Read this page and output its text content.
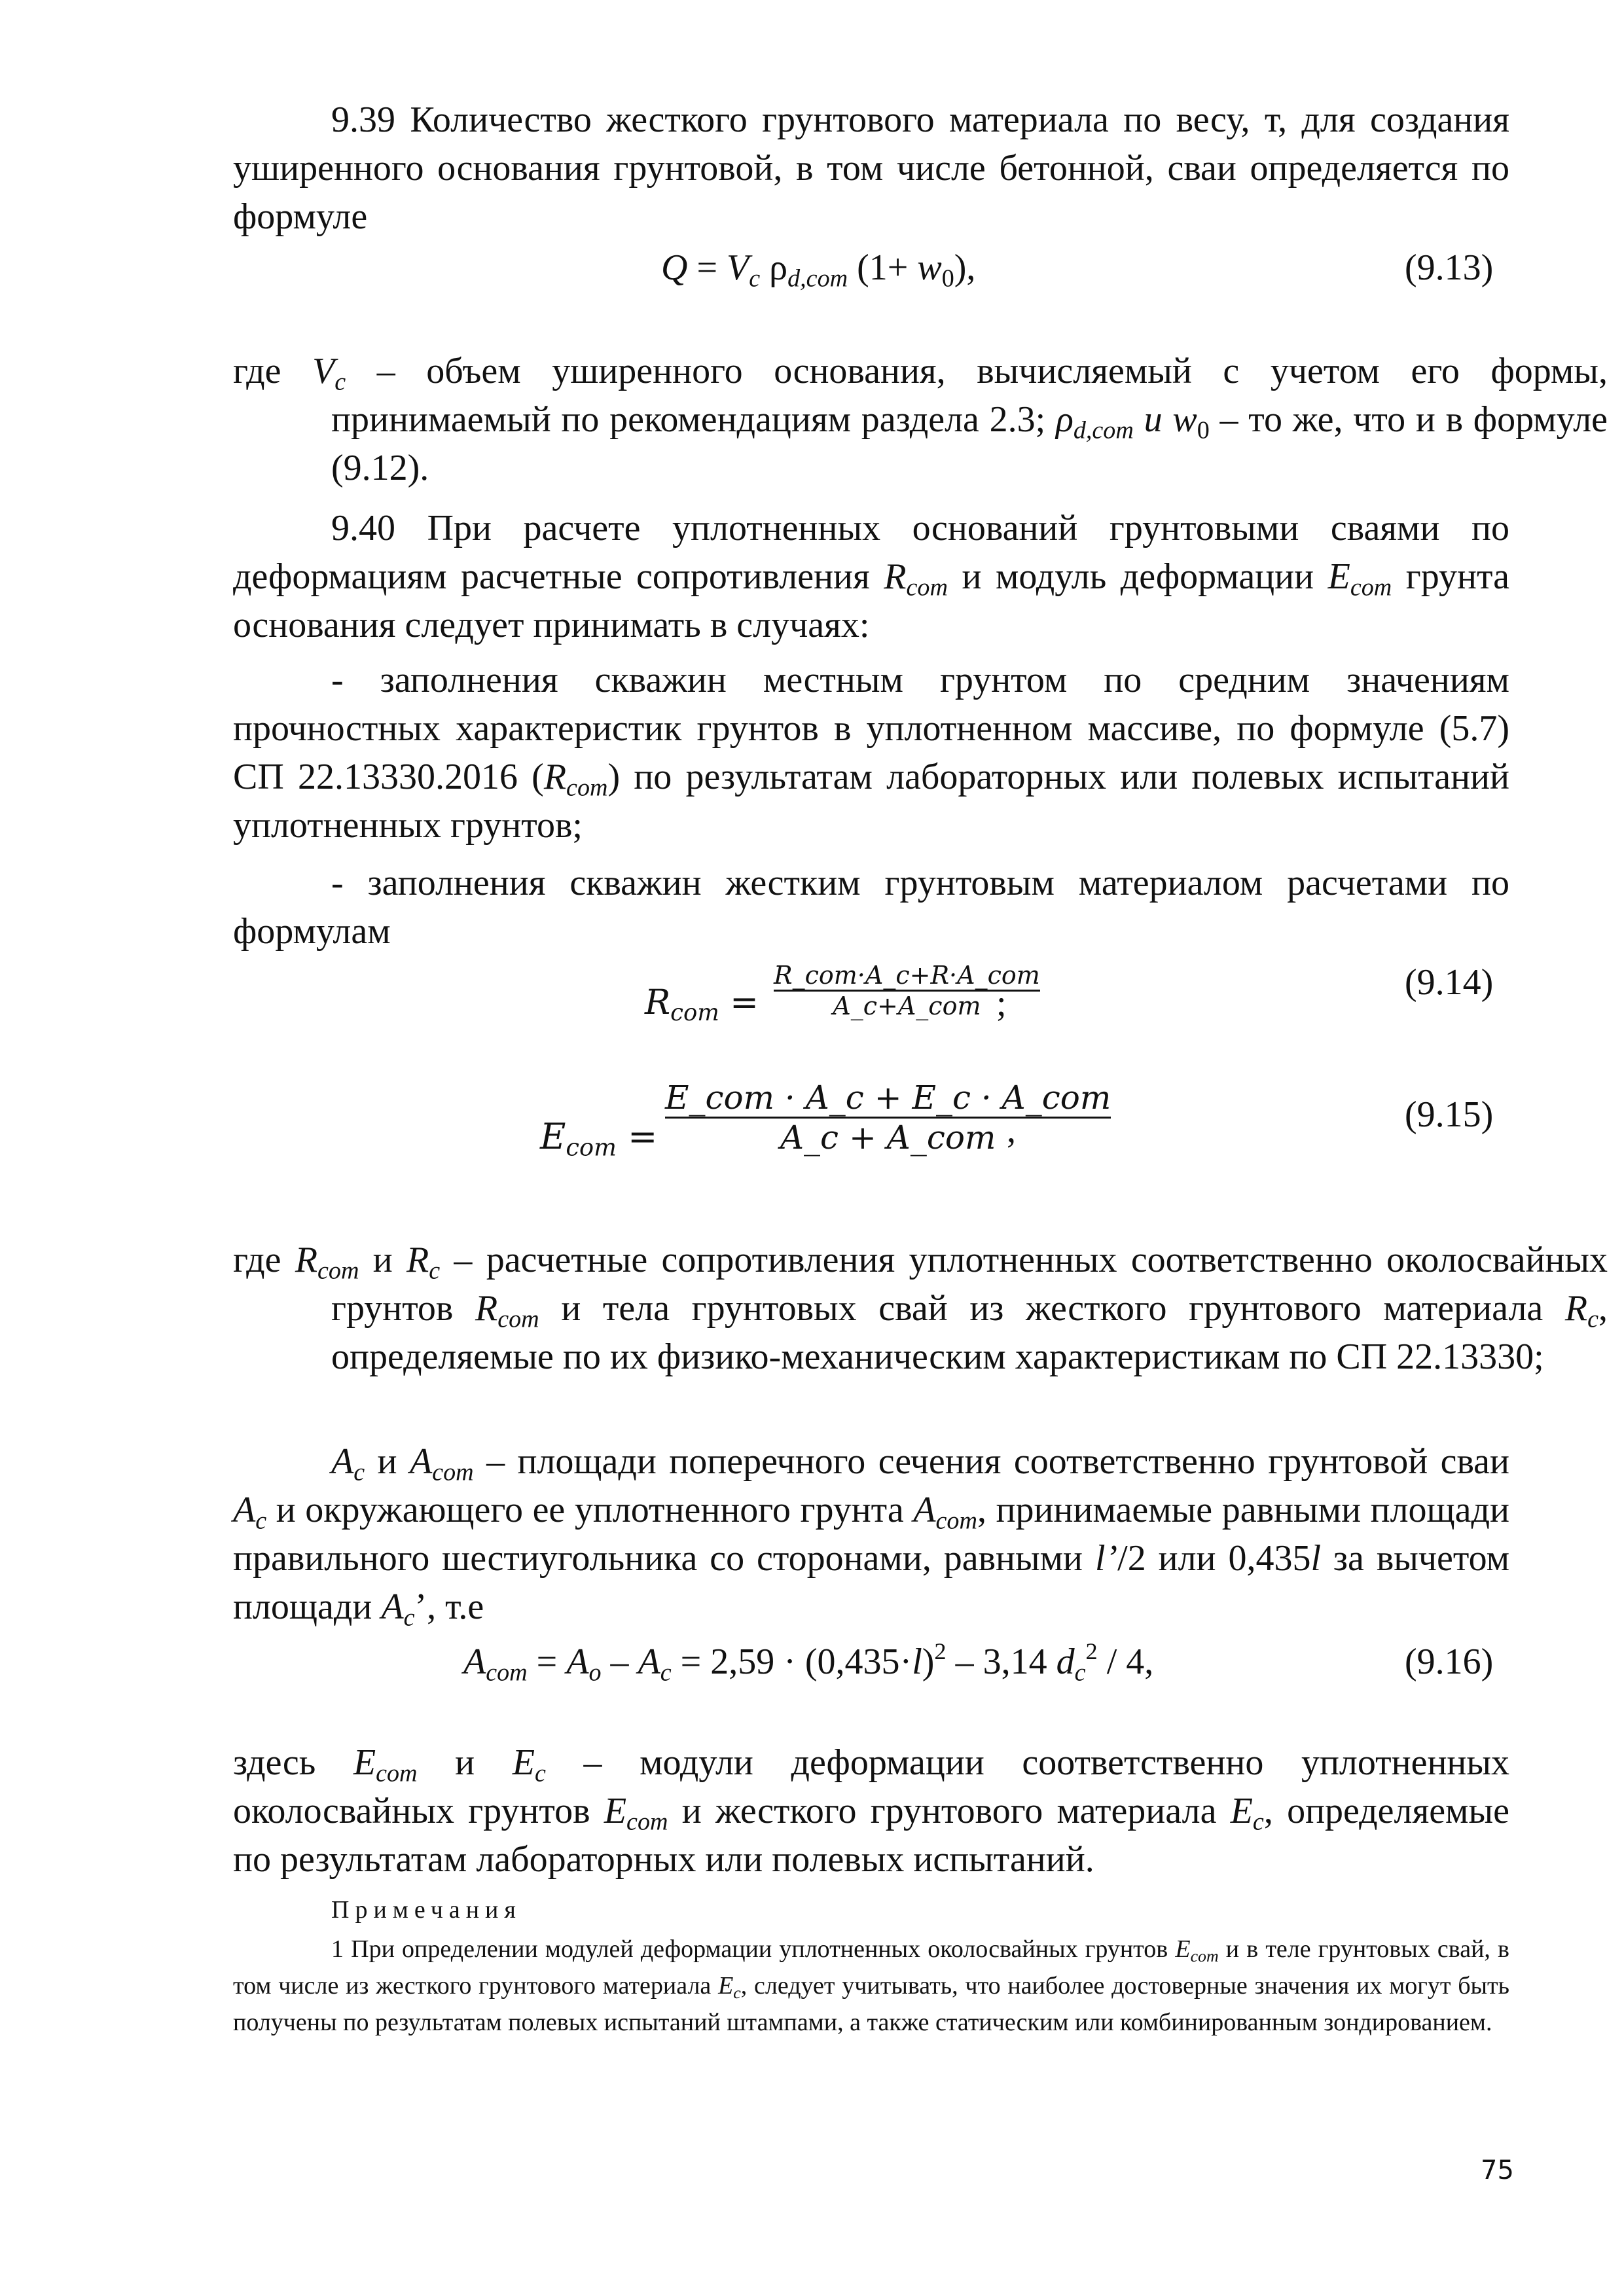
9.39 Количество жесткого грунтового материала по весу, т, для создания уширенного основания грунтовой, в том числе бетонной, сваи определяется по формуле

$Q = V_c$ $\rho_{d,com}$ $(1+ w_0)$,	(9.13)

где $V_c$ – объем уширенного основания, вычисляемый с учетом его формы, принимаемый по рекомендациям раздела 2.3; $\rho_{d,com}$ и $w_0$ – то же, что и в формуле (9.12).

9.40 При расчете уплотненных оснований грунтовыми сваями по деформациям расчетные сопротивления $R_{com}$ и модуль деформации $E_{com}$ грунта основания следует принимать в случаях:

- заполнения скважин местным грунтом по средним значениям прочностных характеристик грунтов в уплотненном массиве, по формуле (5.7) СП 22.13330.2016 $(R_{com})$ по результатам лабораторных или полевых испытаний уплотненных грунтов;

- заполнения скважин жестким грунтовым материалом расчетами по формулам

$R_{com}$ =
R_com·A_c+R·A_com
A_c+A_com ;
(9.14)
$E_{com}$ =
E_com · A_c + E_c · A_com
A_c + A_com ,	(9.15)

где $R_{com}$ и $R_c$ – расчетные сопротивления уплотненных соответственно околосвайных грунтов $R_{com}$ и тела грунтовых свай из жесткого грунтового материала $R_c$, определяемые по их физико-механическим характеристикам по СП 22.13330;

$A_c$ и $A_{com}$ – площади поперечного сечения соответственно грунтовой сваи $A_c$ и окружающего ее уплотненного грунта $A_{com}$, принимаемые равными площади правильного шестиугольника со сторонами, равными l’/2 или 0,435l за вычетом площади $A_c$’, т.е

$A_{com} = A_o - A_c = 2,59 \cdot (0,435\cdot l)^2 - 3,14$ $d_c^2 / 4$,	(9.16)

здесь $E_{com}$ и $E_c$ – модули деформации соответственно уплотненных околосвайных грунтов $E_{com}$ и жесткого грунтового материала $E_c$, определяемые по результатам лабораторных или полевых испытаний.

Примечания

1 При определении модулей деформации уплотненных околосвайных грунтов $E_{com}$ и в теле грунтовых свай, в том числе из жесткого грунтового материала $E_c$, следует учитывать, что наиболее достоверные значения их могут быть получены по результатам полевых испытаний штампами, а также статическим или комбинированным зондированием.

75
